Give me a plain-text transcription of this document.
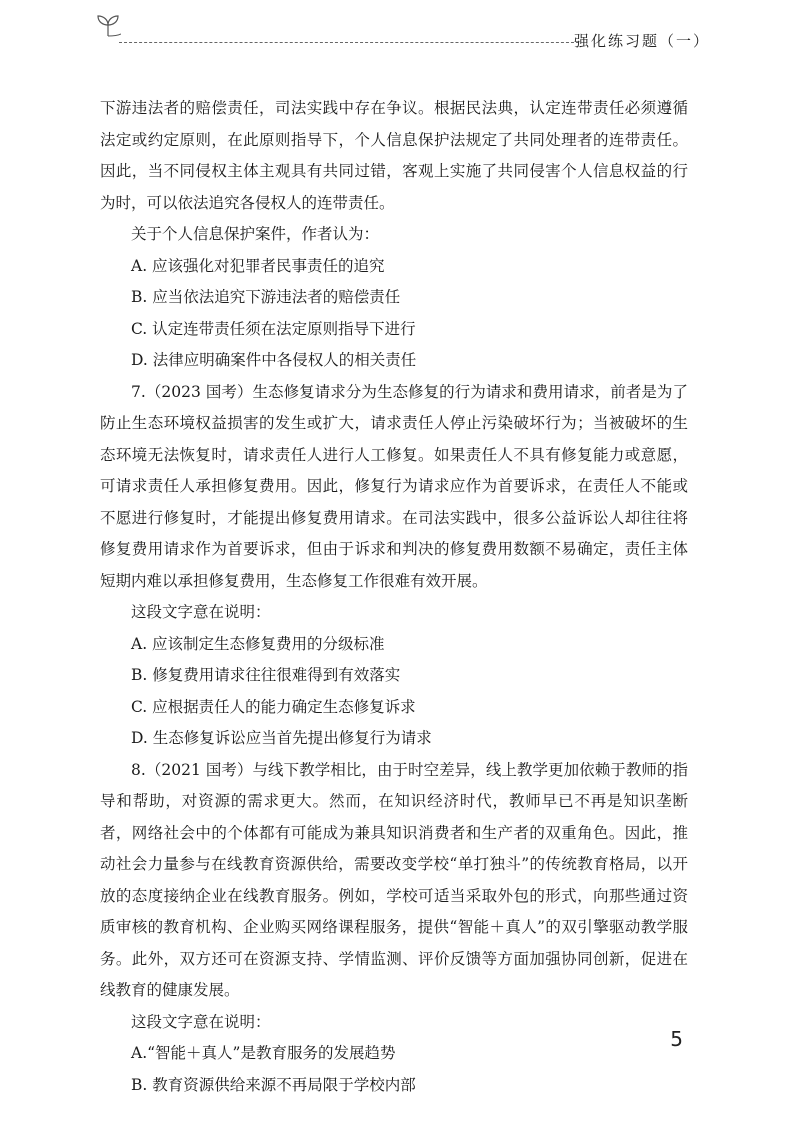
强化练习题（一）

下游违法者的赔偿责任，司法实践中存在争议。根据民法典，认定连带责任必须遵循法定或约定原则，在此原则指导下，个人信息保护法规定了共同处理者的连带责任。因此，当不同侵权主体主观具有共同过错，客观上实施了共同侵害个人信息权益的行为时，可以依法追究各侵权人的连带责任。

关于个人信息保护案件，作者认为：

A. 应该强化对犯罪者民事责任的追究

B. 应当依法追究下游违法者的赔偿责任

C. 认定连带责任须在法定原则指导下进行

D. 法律应明确案件中各侵权人的相关责任

7.（2023 国考）生态修复请求分为生态修复的行为请求和费用请求，前者是为了防止生态环境权益损害的发生或扩大，请求责任人停止污染破坏行为；当被破坏的生态环境无法恢复时，请求责任人进行人工修复。如果责任人不具有修复能力或意愿，可请求责任人承担修复费用。因此，修复行为请求应作为首要诉求，在责任人不能或不愿进行修复时，才能提出修复费用请求。在司法实践中，很多公益诉讼人却往往将修复费用请求作为首要诉求，但由于诉求和判决的修复费用数额不易确定，责任主体短期内难以承担修复费用，生态修复工作很难有效开展。

这段文字意在说明：

A. 应该制定生态修复费用的分级标准

B. 修复费用请求往往很难得到有效落实

C. 应根据责任人的能力确定生态修复诉求

D. 生态修复诉讼应当首先提出修复行为请求

8.（2021 国考）与线下教学相比，由于时空差异，线上教学更加依赖于教师的指导和帮助，对资源的需求更大。然而，在知识经济时代，教师早已不再是知识垄断者，网络社会中的个体都有可能成为兼具知识消费者和生产者的双重角色。因此，推动社会力量参与在线教育资源供给，需要改变学校“单打独斗”的传统教育格局，以开放的态度接纳企业在线教育服务。例如，学校可适当采取外包的形式，向那些通过资质审核的教育机构、企业购买网络课程服务，提供“智能＋真人”的双引擎驱动教学服务。此外，双方还可在资源支持、学情监测、评价反馈等方面加强协同创新，促进在线教育的健康发展。

这段文字意在说明：

A.“智能＋真人”是教育服务的发展趋势

B. 教育资源供给来源不再局限于学校内部

5
